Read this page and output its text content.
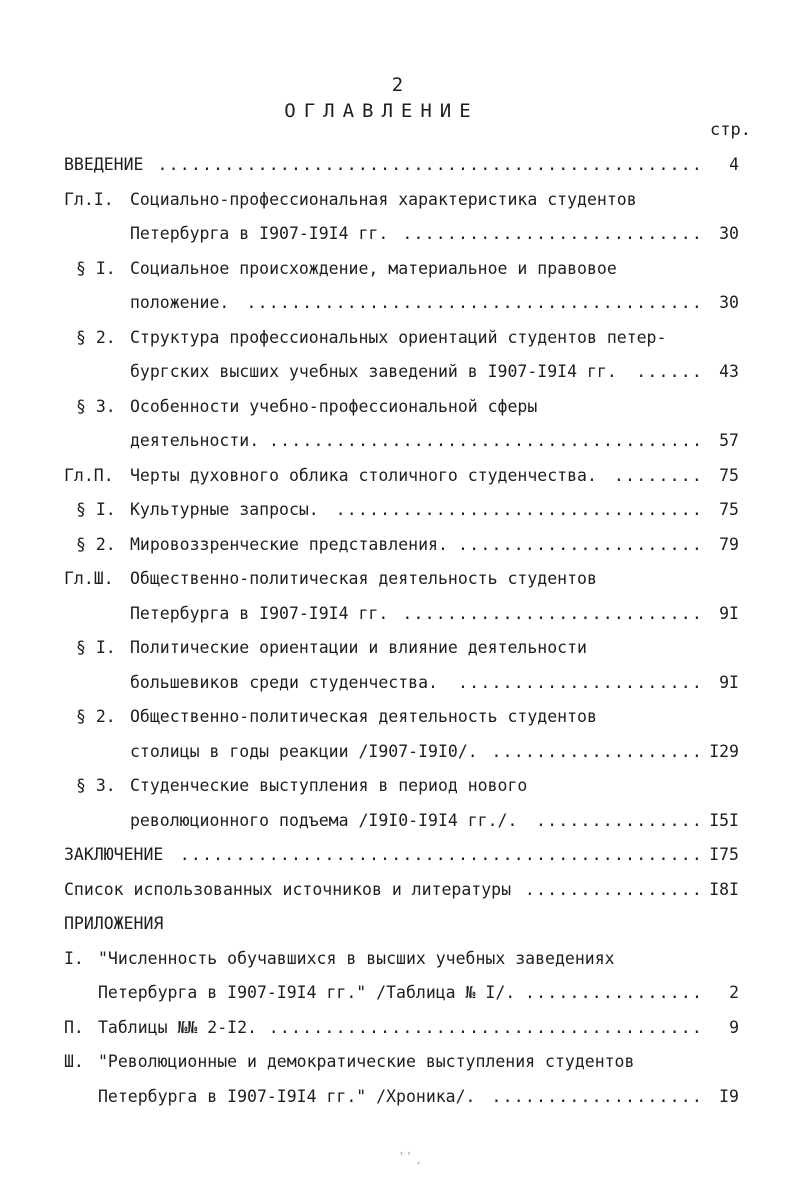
2
ОГЛАВЛЕНИЕ
стр.
ВВЕДЕНИЕ .................................................	4
Гл.I. Социально-профессиональная характеристика студентов
Петербурга в I907-I9I4 гг. ........................... 30
§ I. Социальное происхождение, материальное и правовое
положение.	......................................... 30
§ 2. Структура профессиональных ориентаций студентов петер-
бургских высших учебных заведений в I907-I9I4 гг.	...... 43
§ 3. Особенности учебно-профессиональной сферы
деятельности. ....................................... 57
Гл.П. Черты духовного облика столичного студенчества.	........ 75
§ I. Культурные запросы.	................................. 75
§ 2. Мировоззренческие представления. ...................... 79
Гл.Ш. Общественно-политическая деятельность студентов
Петербурга в I907-I9I4 гг. ........................... 9I
§ I. Политические ориентации и влияние деятельности
большевиков среди студенчества.	...................... 9I
§ 2. Общественно-политическая деятельность студентов
столицы в годы реакции /I907-I9I0/. ................... I29
§ 3. Студенческие выступления в период нового
революционного подъема /I9I0-I9I4 гг./.	............... I5I
ЗАКЛЮЧЕНИЕ ............................................... I75
Список использованных источников и литературы ................ I8I
ПРИЛОЖЕНИЯ
I. "Численность обучавшихся в высших учебных заведениях
Петербурга в I907-I9I4 гг." /Таблица № I/. ................	2
П. Таблицы №№ 2-I2. .......................................	9
Ш. "Революционные и демократические выступления студентов
Петербурга в I907-I9I4 гг." /Хроника/. ................... I9
ʿ ʾ ˏ
